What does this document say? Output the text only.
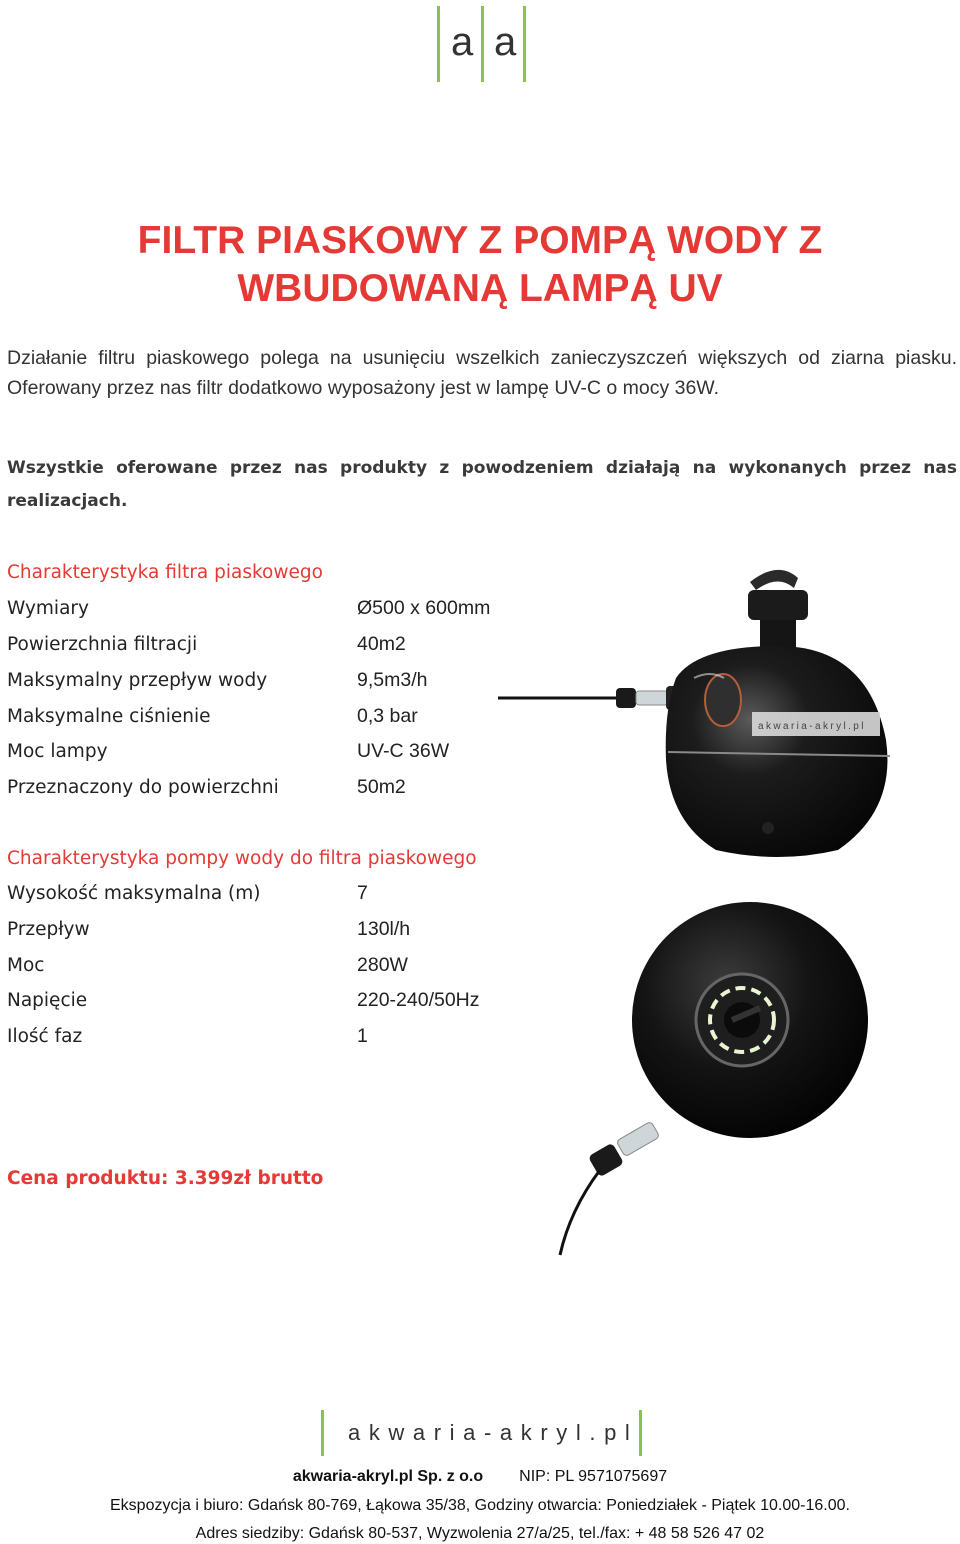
a a
FILTR PIASKOWY Z POMPĄ WODY Z
WBUDOWANĄ LAMPĄ UV
Działanie filtru piaskowego polega na usunięciu wszelkich zanieczyszczeń większych od ziarna piasku.
Oferowany przez nas filtr dodatkowo wyposażony jest w lampę UV-C o mocy 36W.
Wszystkie oferowane przez nas produkty z powodzeniem działają na wykonanych przez nas
realizacjach.
Charakterystyka filtra piaskowego
Wymiary	Ø500 x 600mm
Powierzchnia filtracji	40m2
Maksymalny przepływ wody	9,5m3/h
Maksymalne ciśnienie	0,3 bar
Moc lampy	UV-C 36W
Przeznaczony do powierzchni	50m2
Charakterystyka pompy wody do filtra piaskowego
Wysokość maksymalna (m)	7
Przepływ	130l/h
Moc	280W
Napięcie	220-240/50Hz
Ilość faz	1
Cena produktu: 3.399zł brutto
akwaria-akryl.pl
akwaria-akryl.pl
akwaria-akryl.pl Sp. z o.o NIP: PL 9571075697
Ekspozycja i biuro: Gdańsk 80-769, Łąkowa 35/38, Godziny otwarcia: Poniedziałek - Piątek 10.00-16.00.
Adres siedziby: Gdańsk 80-537, Wyzwolenia 27/a/25, tel./fax: + 48 58 526 47 02
